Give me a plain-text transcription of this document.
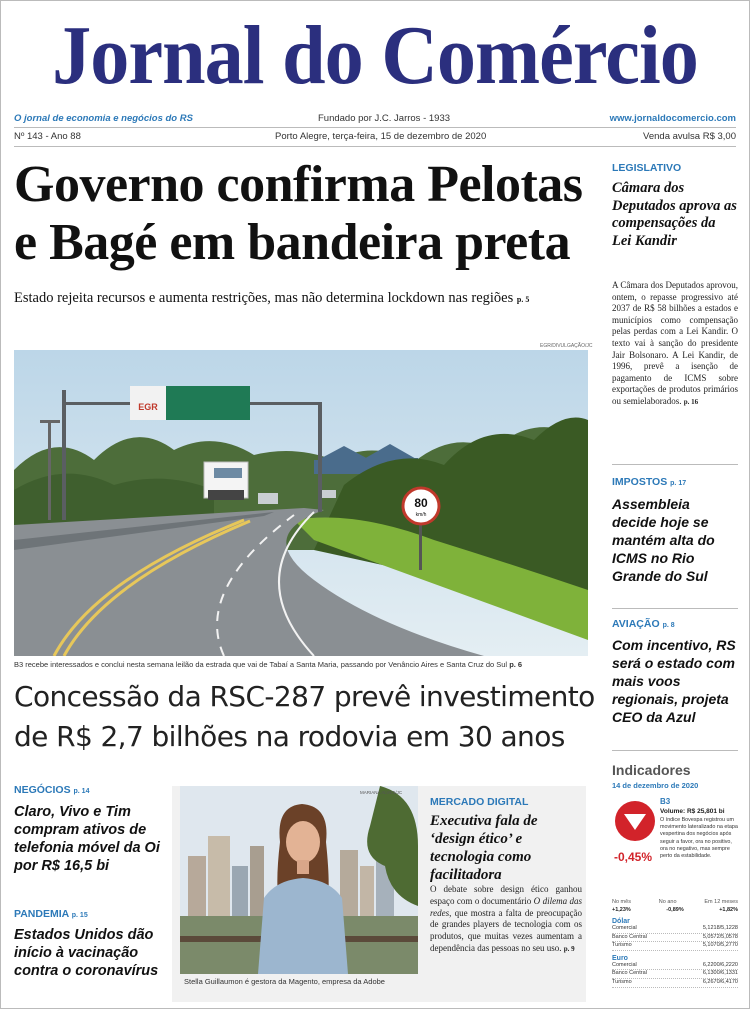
Jornal do Comércio
O jornal de economia e negócios do RS	Fundado por J.C. Jarros - 1933	www.jornaldocomercio.com
Nº 143 - Ano 88	Porto Alegre, terça-feira, 15 de dezembro de 2020	Venda avulsa R$ 3,00
Governo confirma Pelotas
e Bagé em bandeira preta
Estado rejeita recursos e aumenta restrições, mas não determina lockdown nas regiões p. 5
EGR/DIVULGAÇÃO/JC
EGR
80
km/h
B3 recebe interessados e conclui nesta semana leilão da estrada que vai de Tabaí a Santa Maria, passando por Venâncio Aires e Santa Cruz do Sul p. 6
Concessão da RSC-287 prevê investimento
de R$ 2,7 bilhões na rodovia em 30 anos
NEGÓCIOS p. 14
Claro, Vivo e Tim compram ativos de telefonia móvel da Oi por R$ 16,5 bi
PANDEMIA p. 15
Estados Unidos dão início à vacinação contra o coronavírus
MARIANA ALVES/JC
Stella Guillaumon é gestora da Magento, empresa da Adobe
MERCADO DIGITAL
Executiva fala de ‘design ético’ e tecnologia como facilitadora
O debate sobre design ético ganhou espaço com o documentário O dilema das redes, que mostra a falta de preocupação de grandes players de tecnologia com os produtos, que muitas vezes aumentam a dependência das pessoas no seu uso. p. 9
LEGISLATIVO
Câmara dos Deputados aprova as compensações da Lei Kandir
A Câmara dos Deputados aprovou, ontem, o repasse progressivo até 2037 de R$ 58 bilhões a estados e municípios como compensação pelas perdas com a Lei Kandir. O texto vai à sanção do presidente Jair Bolsonaro. A Lei Kandir, de 1996, prevê a isenção de pagamento de ICMS sobre exportações de produtos primários ou semielaborados. p. 16
IMPOSTOS p. 17
Assembleia decide hoje se mantém alta do ICMS no Rio Grande do Sul
AVIAÇÃO p. 8
Com incentivo, RS será o estado com mais voos regionais, projeta CEO da Azul
Indicadores
14 de dezembro de 2020
B3
Volume: R$ 25,801 bi
O índice Bovespa registrou um movimento lateralizado na etapa vespertina dos negócios após seguir a favor, ora no positivo, ora no negativo, mas sempre perto da estabilidade.
-0,45%
No mês	No ano	Em 12 meses
+1,23%	-0,89%	+1,82%
Dólar
Comercial	5,1218/5,1228
Banco Central	5,0572/5,0578
Turismo	5,1070/5,2770
Euro
Comercial	6,2200/6,2220
Banco Central	6,1300/6,1331
Turismo	6,2670/6,4170
